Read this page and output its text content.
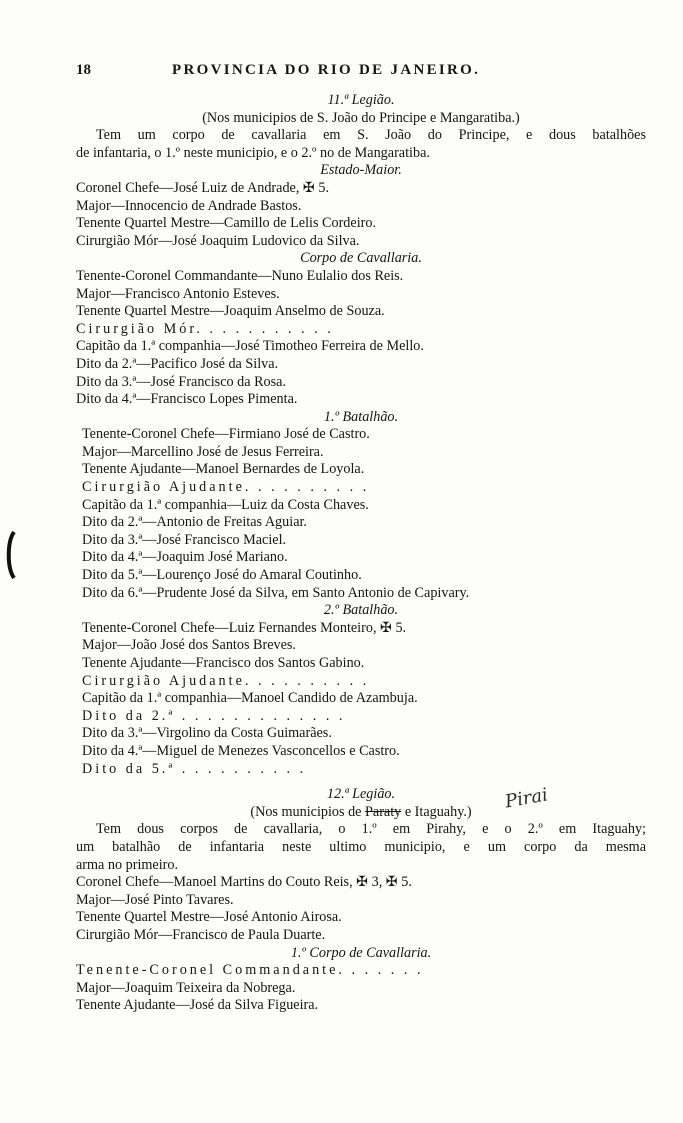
18	PROVINCIA DO RIO DE JANEIRO.
Pirai
11.ª Legião.
(Nos municipios de S. João do Principe e Mangaratiba.)
Tem um corpo de cavallaria em S. João do Principe, e dous batalhões
de infantaria, o 1.º neste municipio, e o 2.º no de Mangaratiba.
Estado-Maior.
Coronel Chefe—José Luiz de Andrade, ✠ 5.
Major—Innocencio de Andrade Bastos.
Tenente Quartel Mestre—Camillo de Lelis Cordeiro.
Cirurgião Mór—José Joaquim Ludovico da Silva.
Corpo de Cavallaria.
Tenente-Coronel Commandante—Nuno Eulalio dos Reis.
Major—Francisco Antonio Esteves.
Tenente Quartel Mestre—Joaquim Anselmo de Souza.
Cirurgião Mór. . . . . . . . . . .
Capitão da 1.ª companhia—José Timotheo Ferreira de Mello.
Dito da 2.ª—Pacifico José da Silva.
Dito da 3.ª—José Francisco da Rosa.
Dito da 4.ª—Francisco Lopes Pimenta.
1.º Batalhão.
Tenente-Coronel Chefe—Firmiano José de Castro.
Major—Marcellino José de Jesus Ferreira.
Tenente Ajudante—Manoel Bernardes de Loyola.
Cirurgião Ajudante. . . . . . . . . .
Capitão da 1.ª companhia—Luiz da Costa Chaves.
Dito da 2.ª—Antonio de Freitas Aguiar.
Dito da 3.ª—José Francisco Maciel.
Dito da 4.ª—Joaquim José Mariano.
Dito da 5.ª—Lourenço José do Amaral Coutinho.
Dito da 6.ª—Prudente José da Silva, em Santo Antonio de Capivary.
2.º Batalhão.
Tenente-Coronel Chefe—Luiz Fernandes Monteiro, ✠ 5.
Major—João José dos Santos Breves.
Tenente Ajudante—Francisco dos Santos Gabino.
Cirurgião Ajudante. . . . . . . . . .
Capitão da 1.ª companhia—Manoel Candido de Azambuja.
Dito da 2.ª . . . . . . . . . . . . .
Dito da 3.ª—Virgolino da Costa Guimarães.
Dito da 4.ª—Miguel de Menezes Vasconcellos e Castro.
Dito da 5.ª . . . . . . . . . .
12.ª Legião.
(Nos municipios de Paraty e Itaguahy.)
Tem dous corpos de cavallaria, o 1.º em Pirahy, e o 2.º em Itaguahy;
um batalhão de infantaria neste ultimo municipio, e um corpo da mesma
arma no primeiro.
Coronel Chefe—Manoel Martins do Couto Reis, ✠ 3, ✠ 5.
Major—José Pinto Tavares.
Tenente Quartel Mestre—José Antonio Airosa.
Cirurgião Mór—Francisco de Paula Duarte.
1.º Corpo de Cavallaria.
Tenente-Coronel Commandante. . . . . . .
Major—Joaquim Teixeira da Nobrega.
Tenente Ajudante—José da Silva Figueira.
